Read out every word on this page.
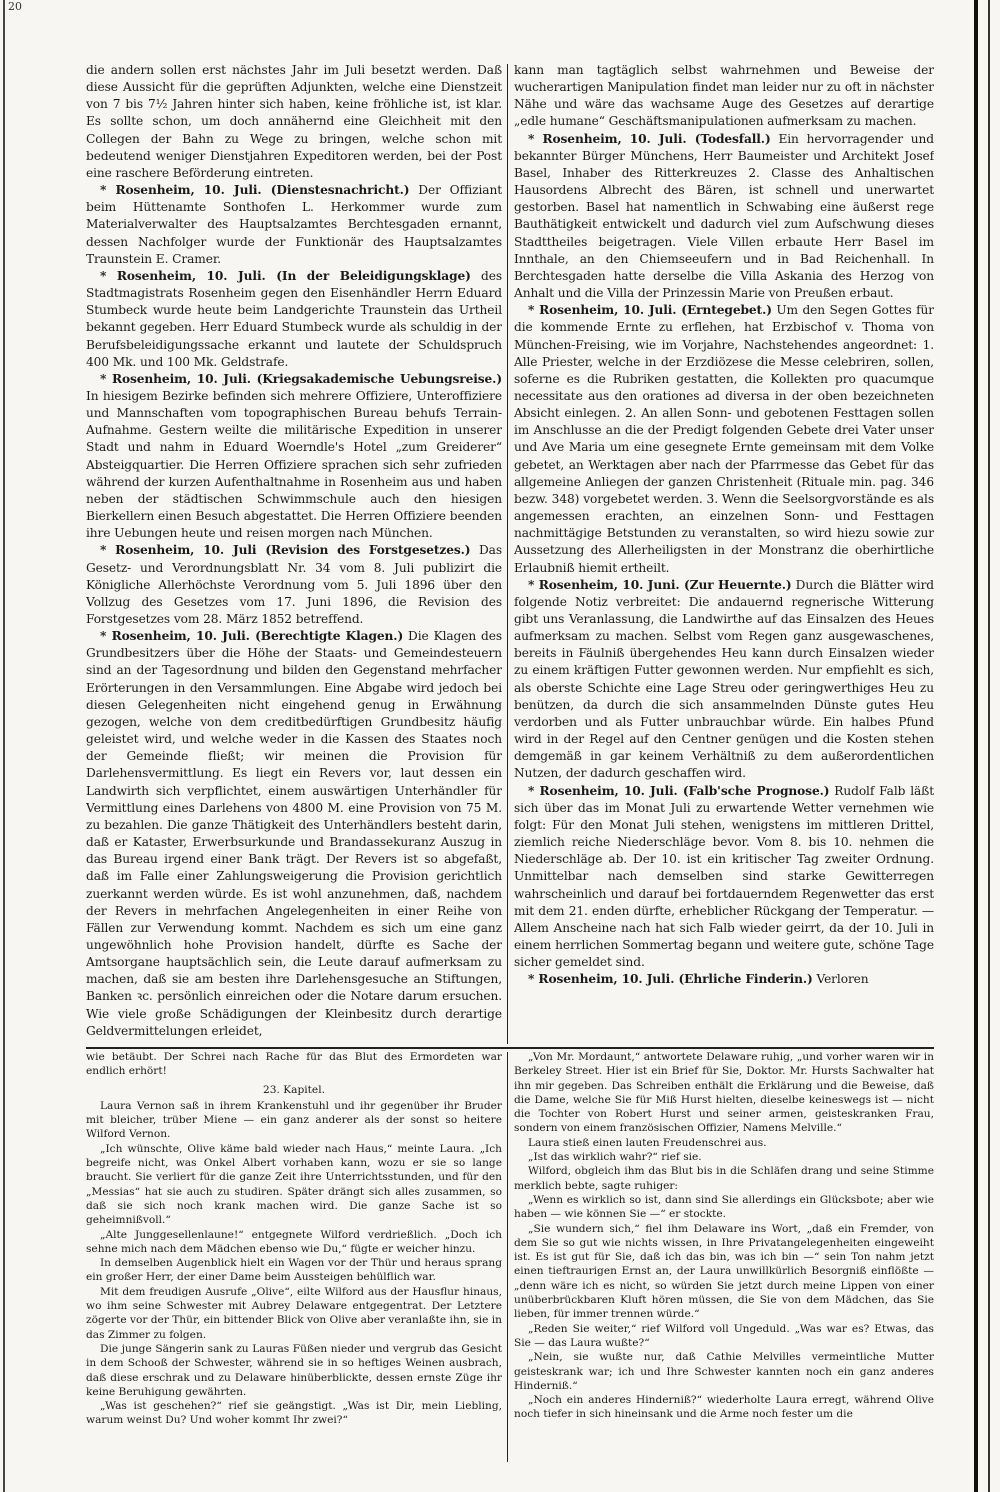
20

die andern sollen erst nächstes Jahr im Juli besetzt werden. Daß diese Aussicht für die geprüften Adjunkten, welche eine Dienstzeit von 7 bis 7½ Jahren hinter sich haben, keine fröhliche ist, ist klar. Es sollte schon, um doch annähernd eine Gleichheit mit den Collegen der Bahn zu Wege zu bringen, welche schon mit bedeutend weniger Dienstjahren Expeditoren werden, bei der Post eine raschere Beförderung eintreten.

* Rosenheim, 10. Juli. (Dienstesnachricht.) Der Offiziant beim Hüttenamte Sonthofen L. Herkommer wurde zum Materialverwalter des Hauptsalzamtes Berchtesgaden ernannt, dessen Nachfolger wurde der Funktionär des Hauptsalzamtes Traunstein E. Cramer.

* Rosenheim, 10. Juli. (In der Beleidigungsklage) des Stadtmagistrats Rosenheim gegen den Eisenhändler Herrn Eduard Stumbeck wurde heute beim Landgerichte Traunstein das Urtheil bekannt gegeben. Herr Eduard Stumbeck wurde als schuldig in der Berufsbeleidigungssache erkannt und lautete der Schuldspruch 400 Mk. und 100 Mk. Geldstrafe.

* Rosenheim, 10. Juli. (Kriegsakademische Uebungsreise.) In hiesigem Bezirke befinden sich mehrere Offiziere, Unteroffiziere und Mannschaften vom topographischen Bureau behufs Terrain-Aufnahme. Gestern weilte die militärische Expedition in unserer Stadt und nahm in Eduard Woerndle's Hotel „zum Greiderer“ Absteigquartier. Die Herren Offiziere sprachen sich sehr zufrieden während der kurzen Aufenthaltnahme in Rosenheim aus und haben neben der städtischen Schwimmschule auch den hiesigen Bierkellern einen Besuch abgestattet. Die Herren Offiziere beenden ihre Uebungen heute und reisen morgen nach München.

* Rosenheim, 10. Juli (Revision des Forstgesetzes.) Das Gesetz- und Verordnungsblatt Nr. 34 vom 8. Juli publizirt die Königliche Allerhöchste Verordnung vom 5. Juli 1896 über den Vollzug des Gesetzes vom 17. Juni 1896, die Revision des Forstgesetzes vom 28. März 1852 betreffend.

* Rosenheim, 10. Juli. (Berechtigte Klagen.) Die Klagen des Grundbesitzers über die Höhe der Staats- und Gemeindesteuern sind an der Tagesordnung und bilden den Gegenstand mehrfacher Erörterungen in den Versammlungen. Eine Abgabe wird jedoch bei diesen Gelegenheiten nicht eingehend genug in Erwähnung gezogen, welche von dem creditbedürftigen Grundbesitz häufig geleistet wird, und welche weder in die Kassen des Staates noch der Gemeinde fließt; wir meinen die Provision für Darlehensvermittlung. Es liegt ein Revers vor, laut dessen ein Landwirth sich verpflichtet, einem auswärtigen Unterhändler für Vermittlung eines Darlehens von 4800 M. eine Provision von 75 M. zu bezahlen. Die ganze Thätigkeit des Unterhändlers besteht darin, daß er Kataster, Erwerbsurkunde und Brandassekuranz Auszug in das Bureau irgend einer Bank trägt. Der Revers ist so abgefaßt, daß im Falle einer Zahlungsweigerung die Provision gerichtlich zuerkannt werden würde. Es ist wohl anzunehmen, daß, nachdem der Revers in mehrfachen Angelegenheiten in einer Reihe von Fällen zur Verwendung kommt. Nachdem es sich um eine ganz ungewöhnlich hohe Provision handelt, dürfte es Sache der Amtsorgane hauptsächlich sein, die Leute darauf aufmerksam zu machen, daß sie am besten ihre Darlehensgesuche an Stiftungen, Banken ꝛc. persönlich einreichen oder die Notare darum ersuchen. Wie viele große Schädigungen der Kleinbesitz durch derartige Geldvermittelungen erleidet,

kann man tagtäglich selbst wahrnehmen und Beweise der wucherartigen Manipulation findet man leider nur zu oft in nächster Nähe und wäre das wachsame Auge des Gesetzes auf derartige „edle humane“ Geschäftsmanipulationen aufmerksam zu machen.

* Rosenheim, 10. Juli. (Todesfall.) Ein hervorragender und bekannter Bürger Münchens, Herr Baumeister und Architekt Josef Basel, Inhaber des Ritterkreuzes 2. Classe des Anhaltischen Hausordens Albrecht des Bären, ist schnell und unerwartet gestorben. Basel hat namentlich in Schwabing eine äußerst rege Bauthätigkeit entwickelt und dadurch viel zum Aufschwung dieses Stadttheiles beigetragen. Viele Villen erbaute Herr Basel im Innthale, an den Chiemseeufern und in Bad Reichenhall. In Berchtesgaden hatte derselbe die Villa Askania des Herzog von Anhalt und die Villa der Prinzessin Marie von Preußen erbaut.

* Rosenheim, 10. Juli. (Erntegebet.) Um den Segen Gottes für die kommende Ernte zu erflehen, hat Erzbischof v. Thoma von München-Freising, wie im Vorjahre, Nachstehendes angeordnet: 1. Alle Priester, welche in der Erzdiözese die Messe celebriren, sollen, soferne es die Rubriken gestatten, die Kollekten pro quacumque necessitate aus den orationes ad diversa in der oben bezeichneten Absicht einlegen. 2. An allen Sonn- und gebotenen Festtagen sollen im Anschlusse an die der Predigt folgenden Gebete drei Vater unser und Ave Maria um eine gesegnete Ernte gemeinsam mit dem Volke gebetet, an Werktagen aber nach der Pfarrmesse das Gebet für das allgemeine Anliegen der ganzen Christenheit (Rituale min. pag. 346 bezw. 348) vorgebetet werden. 3. Wenn die Seelsorgvorstände es als angemessen erachten, an einzelnen Sonn- und Festtagen nachmittägige Betstunden zu veranstalten, so wird hiezu sowie zur Aussetzung des Allerheiligsten in der Monstranz die oberhirtliche Erlaubniß hiemit ertheilt.

* Rosenheim, 10. Juni. (Zur Heuernte.) Durch die Blätter wird folgende Notiz verbreitet: Die andauernd regnerische Witterung gibt uns Veranlassung, die Landwirthe auf das Einsalzen des Heues aufmerksam zu machen. Selbst vom Regen ganz ausgewaschenes, bereits in Fäulniß übergehendes Heu kann durch Einsalzen wieder zu einem kräftigen Futter gewonnen werden. Nur empfiehlt es sich, als oberste Schichte eine Lage Streu oder geringwerthiges Heu zu benützen, da durch die sich ansammelnden Dünste gutes Heu verdorben und als Futter unbrauchbar würde. Ein halbes Pfund wird in der Regel auf den Centner genügen und die Kosten stehen demgemäß in gar keinem Verhältniß zu dem außerordentlichen Nutzen, der dadurch geschaffen wird.

* Rosenheim, 10. Juli. (Falb'sche Prognose.) Rudolf Falb läßt sich über das im Monat Juli zu erwartende Wetter vernehmen wie folgt: Für den Monat Juli stehen, wenigstens im mittleren Drittel, ziemlich reiche Niederschläge bevor. Vom 8. bis 10. nehmen die Niederschläge ab. Der 10. ist ein kritischer Tag zweiter Ordnung. Unmittelbar nach demselben sind starke Gewitterregen wahrscheinlich und darauf bei fortdauerndem Regenwetter das erst mit dem 21. enden dürfte, erheblicher Rückgang der Temperatur. — Allem Anscheine nach hat sich Falb wieder geirrt, da der 10. Juli in einem herrlichen Sommertag begann und weitere gute, schöne Tage sicher gemeldet sind.

* Rosenheim, 10. Juli. (Ehrliche Finderin.) Verloren

wie betäubt. Der Schrei nach Rache für das Blut des Ermordeten war endlich erhört!

23. Kapitel.

Laura Vernon saß in ihrem Krankenstuhl und ihr gegenüber ihr Bruder mit bleicher, trüber Miene — ein ganz anderer als der sonst so heitere Wilford Vernon.

„Ich wünschte, Olive käme bald wieder nach Haus,“ meinte Laura. „Ich begreife nicht, was Onkel Albert vorhaben kann, wozu er sie so lange braucht. Sie verliert für die ganze Zeit ihre Unterrichtsstunden, und für den „Messias“ hat sie auch zu studiren. Später drängt sich alles zusammen, so daß sie sich noch krank machen wird. Die ganze Sache ist so geheimnißvoll.“

„Alte Junggesellenlaune!“ entgegnete Wilford verdrießlich. „Doch ich sehne mich nach dem Mädchen ebenso wie Du,“ fügte er weicher hinzu.

In demselben Augenblick hielt ein Wagen vor der Thür und heraus sprang ein großer Herr, der einer Dame beim Aussteigen behülflich war.

Mit dem freudigen Ausrufe „Olive“, eilte Wilford aus der Hausflur hinaus, wo ihm seine Schwester mit Aubrey Delaware entgegentrat. Der Letztere zögerte vor der Thür, ein bittender Blick von Olive aber veranlaßte ihn, sie in das Zimmer zu folgen.

Die junge Sängerin sank zu Lauras Füßen nieder und vergrub das Gesicht in dem Schooß der Schwester, während sie in so heftiges Weinen ausbrach, daß diese erschrak und zu Delaware hinüberblickte, dessen ernste Züge ihr keine Beruhigung gewährten.

„Was ist geschehen?“ rief sie geängstigt. „Was ist Dir, mein Liebling, warum weinst Du? Und woher kommt Ihr zwei?“

„Von Mr. Mordaunt,“ antwortete Delaware ruhig, „und vorher waren wir in Berkeley Street. Hier ist ein Brief für Sie, Doktor. Mr. Hursts Sachwalter hat ihn mir gegeben. Das Schreiben enthält die Erklärung und die Beweise, daß die Dame, welche Sie für Miß Hurst hielten, dieselbe keineswegs ist — nicht die Tochter von Robert Hurst und seiner armen, geisteskranken Frau, sondern von einem französischen Offizier, Namens Melville.“

Laura stieß einen lauten Freudenschrei aus.

„Ist das wirklich wahr?“ rief sie.

Wilford, obgleich ihm das Blut bis in die Schläfen drang und seine Stimme merklich bebte, sagte ruhiger:

„Wenn es wirklich so ist, dann sind Sie allerdings ein Glücksbote; aber wie haben — wie können Sie —“ er stockte.

„Sie wundern sich,“ fiel ihm Delaware ins Wort, „daß ein Fremder, von dem Sie so gut wie nichts wissen, in Ihre Privatangelegenheiten eingeweiht ist. Es ist gut für Sie, daß ich das bin, was ich bin —“ sein Ton nahm jetzt einen tieftraurigen Ernst an, der Laura unwillkürlich Besorgniß einflößte — „denn wäre ich es nicht, so würden Sie jetzt durch meine Lippen von einer unüberbrückbaren Kluft hören müssen, die Sie von dem Mädchen, das Sie lieben, für immer trennen würde.“

„Reden Sie weiter,“ rief Wilford voll Ungeduld. „Was war es? Etwas, das Sie — das Laura wußte?“

„Nein, sie wußte nur, daß Cathie Melvilles vermeintliche Mutter geisteskrank war; ich und Ihre Schwester kannten noch ein ganz anderes Hinderniß.“

„Noch ein anderes Hinderniß?“ wiederholte Laura erregt, während Olive noch tiefer in sich hineinsank und die Arme noch fester um die
